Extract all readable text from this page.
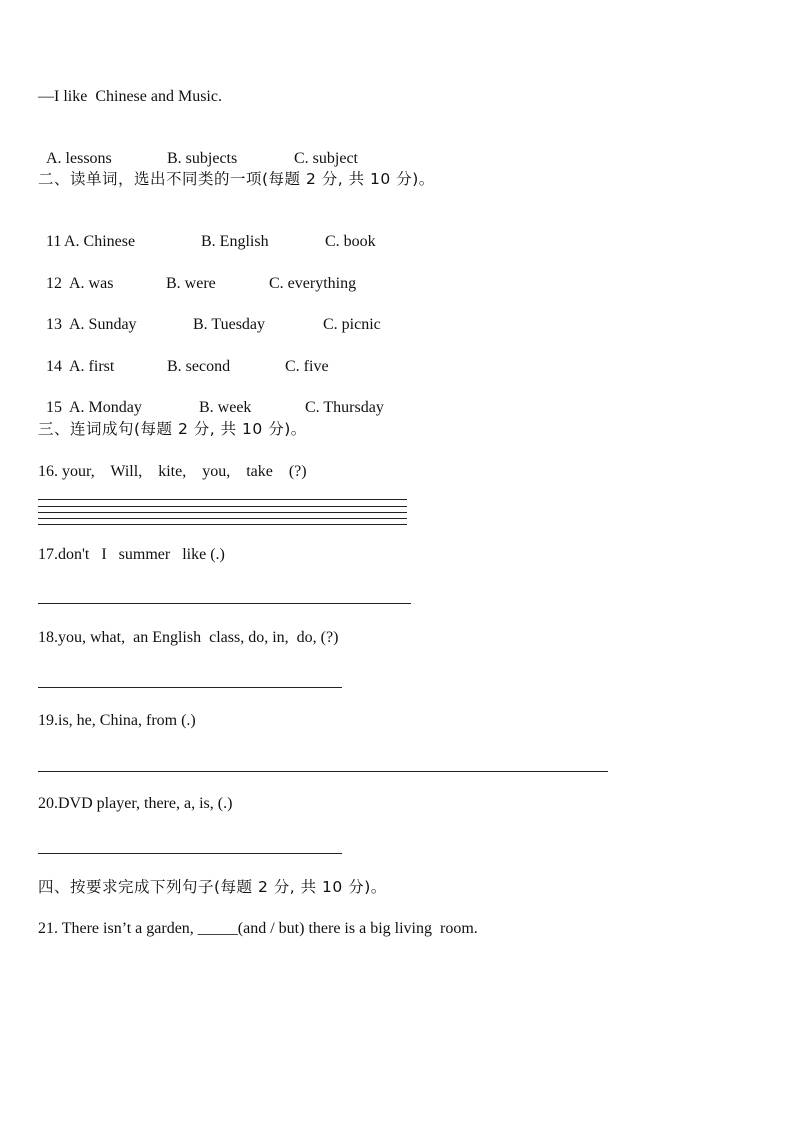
—I like  Chinese and Music.

A. lessons	B. subjects	C. subject

二、读单词，选出不同类的一项(每题 2 分, 共 10 分)。

11 A. Chinese	B. English	C. book

12 A. was	B. were	C. everything

13 A. Sunday	B. Tuesday	C. picnic

14 A. first	B. second	C. five

15 A. Monday	B. week	C. Thursday

三、连词成句(每题 2 分, 共 10 分)。
16. your,    Will,    kite,    you,    take    (?)
17.don't   I   summer   like (.)
18.you, what,  an English  class, do, in,  do, (?)
19.is, he, China, from (.)
20.DVD player, there, a, is, (.)
四、按要求完成下列句子(每题 2 分, 共 10 分)。
21. There isn’t a garden, _____(and / but) there is a big living  room.
